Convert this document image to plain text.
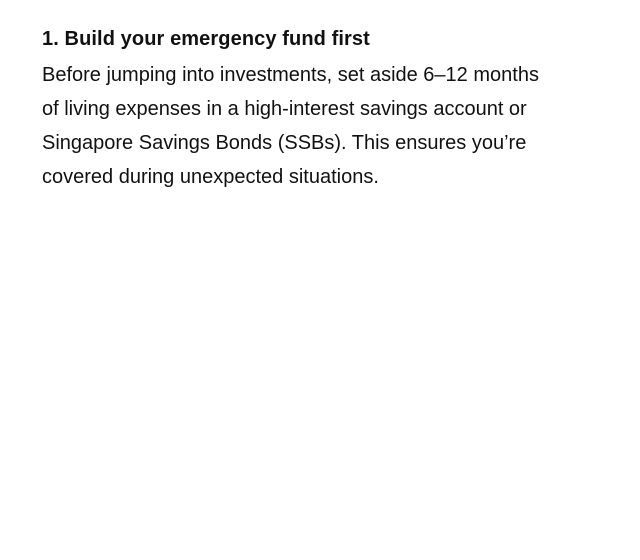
1. Build your emergency fund first

Before jumping into investments, set aside 6–12 months
of living expenses in a high-interest savings account or
Singapore Savings Bonds (SSBs). This ensures you’re
covered during unexpected situations.
